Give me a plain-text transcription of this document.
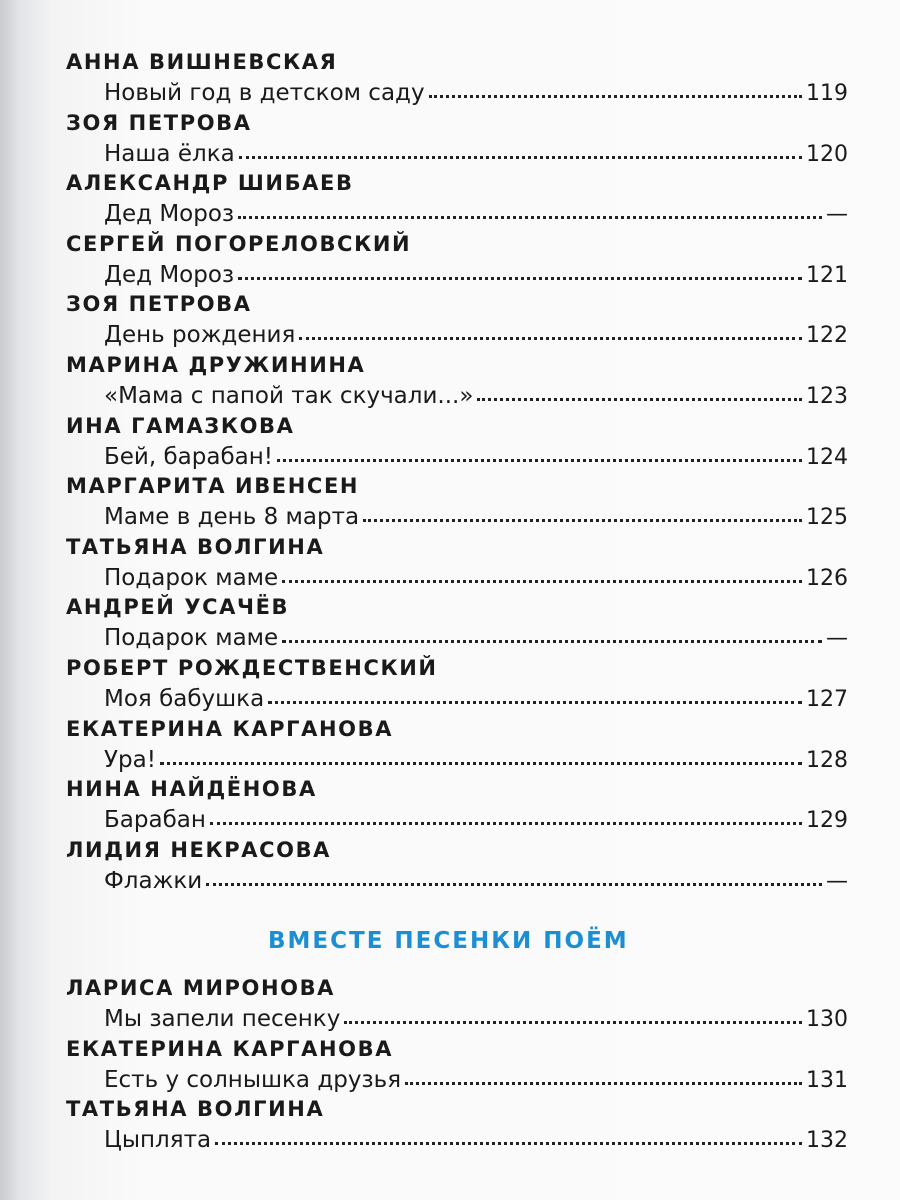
АННА ВИШНЕВСКАЯ
Новый год в детском саду	119
ЗОЯ ПЕТРОВА
Наша ёлка	120
АЛЕКСАНДР ШИБАЕВ
Дед Мороз	—
СЕРГЕЙ ПОГОРЕЛОВСКИЙ
Дед Мороз	121
ЗОЯ ПЕТРОВА
День рождения	122
МАРИНА ДРУЖИНИНА
«Мама с папой так скучали...»	123
ИНА ГАМАЗКОВА
Бей, барабан!	124
МАРГАРИТА ИВЕНСЕН
Маме в день 8 марта	125
ТАТЬЯНА ВОЛГИНА
Подарок маме	126
АНДРЕЙ УСАЧЁВ
Подарок маме	—
РОБЕРТ РОЖДЕСТВЕНСКИЙ
Моя бабушка	127
ЕКАТЕРИНА КАРГАНОВА
Ура!	128
НИНА НАЙДЁНОВА
Барабан	129
ЛИДИЯ НЕКРАСОВА
Флажки	—
ВМЕСТЕ ПЕСЕНКИ ПОЁМ
ЛАРИСА МИРОНОВА
Мы запели песенку	130
ЕКАТЕРИНА КАРГАНОВА
Есть у солнышка друзья	131
ТАТЬЯНА ВОЛГИНА
Цыплята	132
